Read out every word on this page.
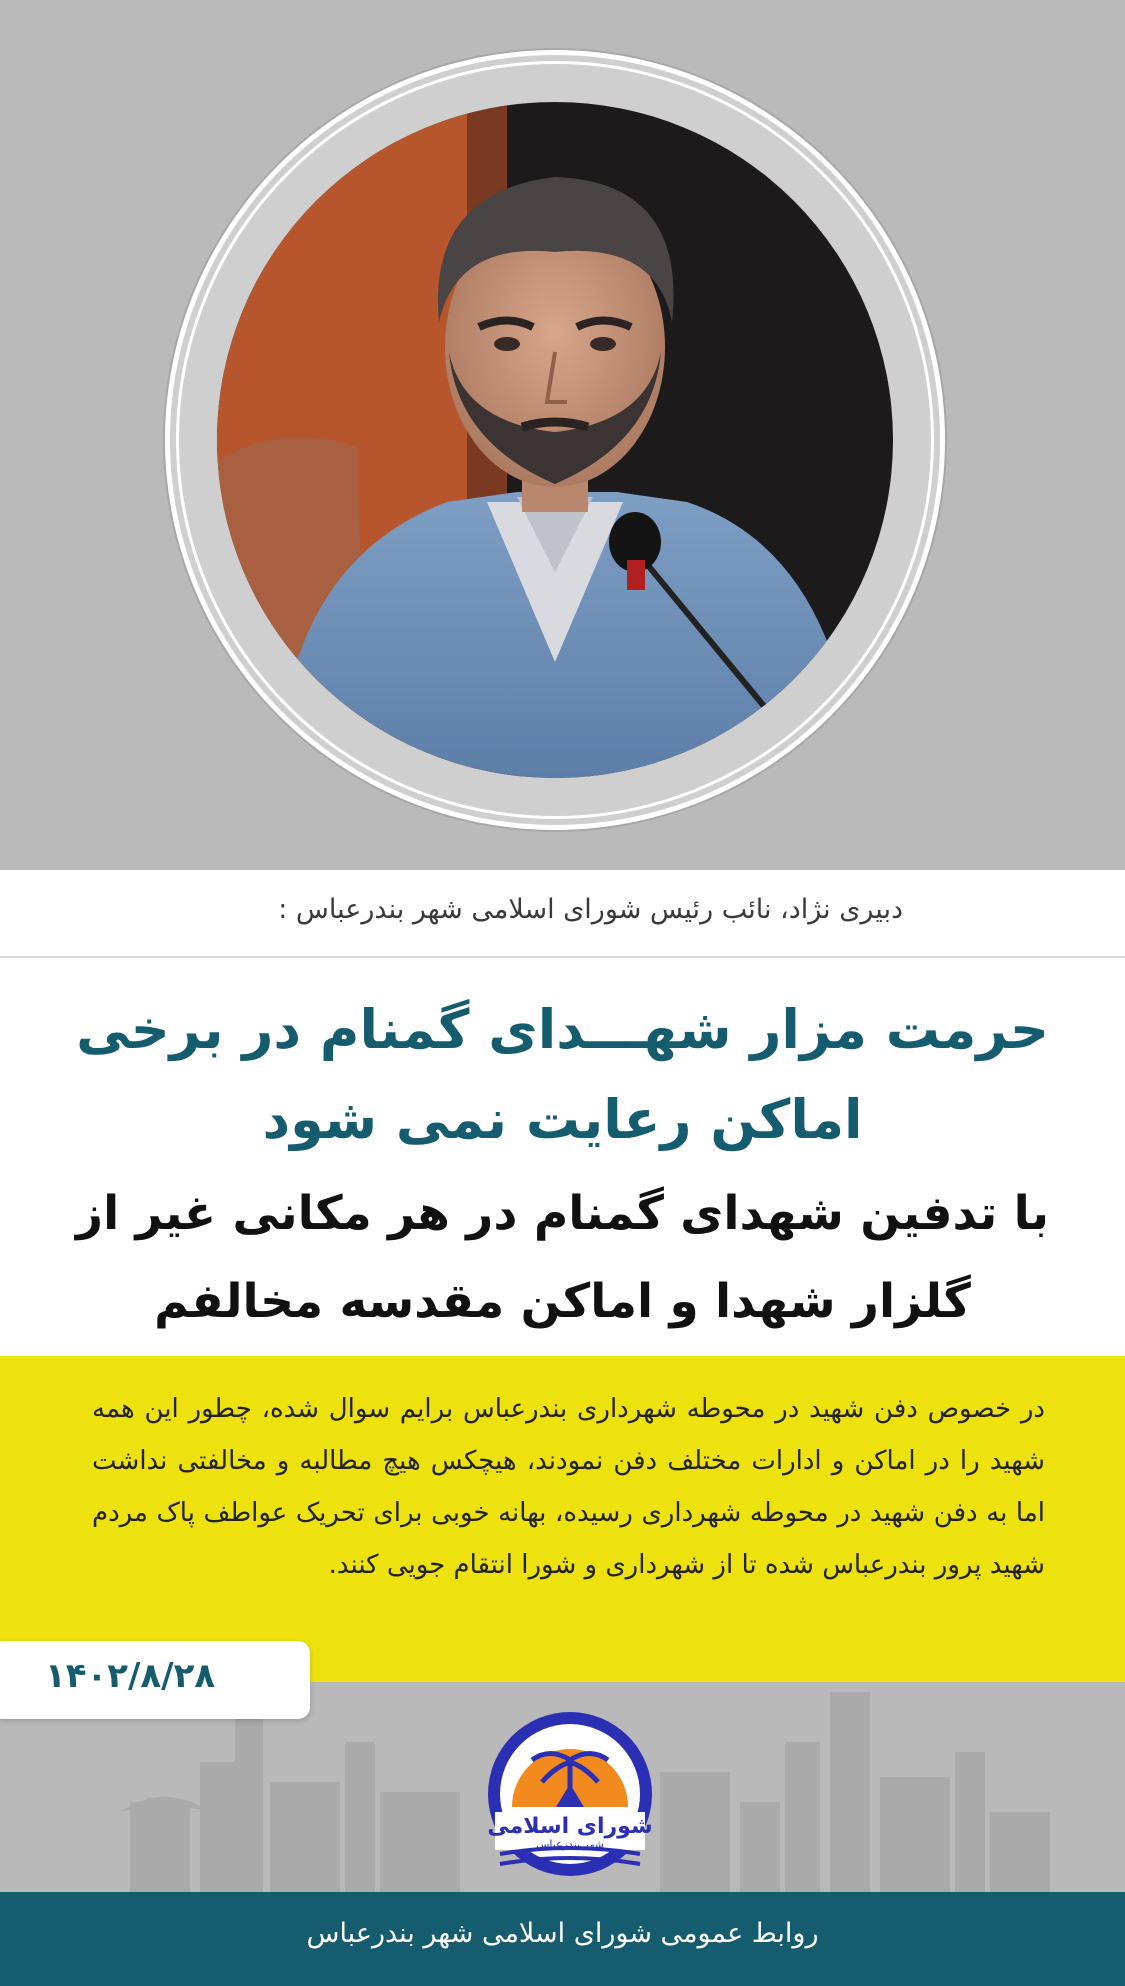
دبیری نژاد، نائب رئیس شورای اسلامی شهر بندرعباس :

حرمت مزار شهـــدای گمنام در برخی اماکن رعایت نمی شود
با تدفین شهدای گمنام در هر مکانی غیر از گلزار شهدا و اماکن مقدسه مخالفم

در خصوص دفن شهید در محوطه شهرداری بندرعباس برایم سوال شده، چطور این همه شهید را در اماکن و ادارات مختلف دفن نمودند، هیچکس هیچ مطالبه و مخالفتی نداشت اما به دفن شهید در محوطه شهرداری رسیده، بهانه خوبی برای تحریک عواطف پاک مردم شهید پرور بندرعباس شده تا از شهرداری و شورا انتقام جویی کنند.

۱۴۰۲/۸/۲۸

شورای اسلامی
شهر بندرعباس

روابط عمومی شورای اسلامی شهر بندرعباس
